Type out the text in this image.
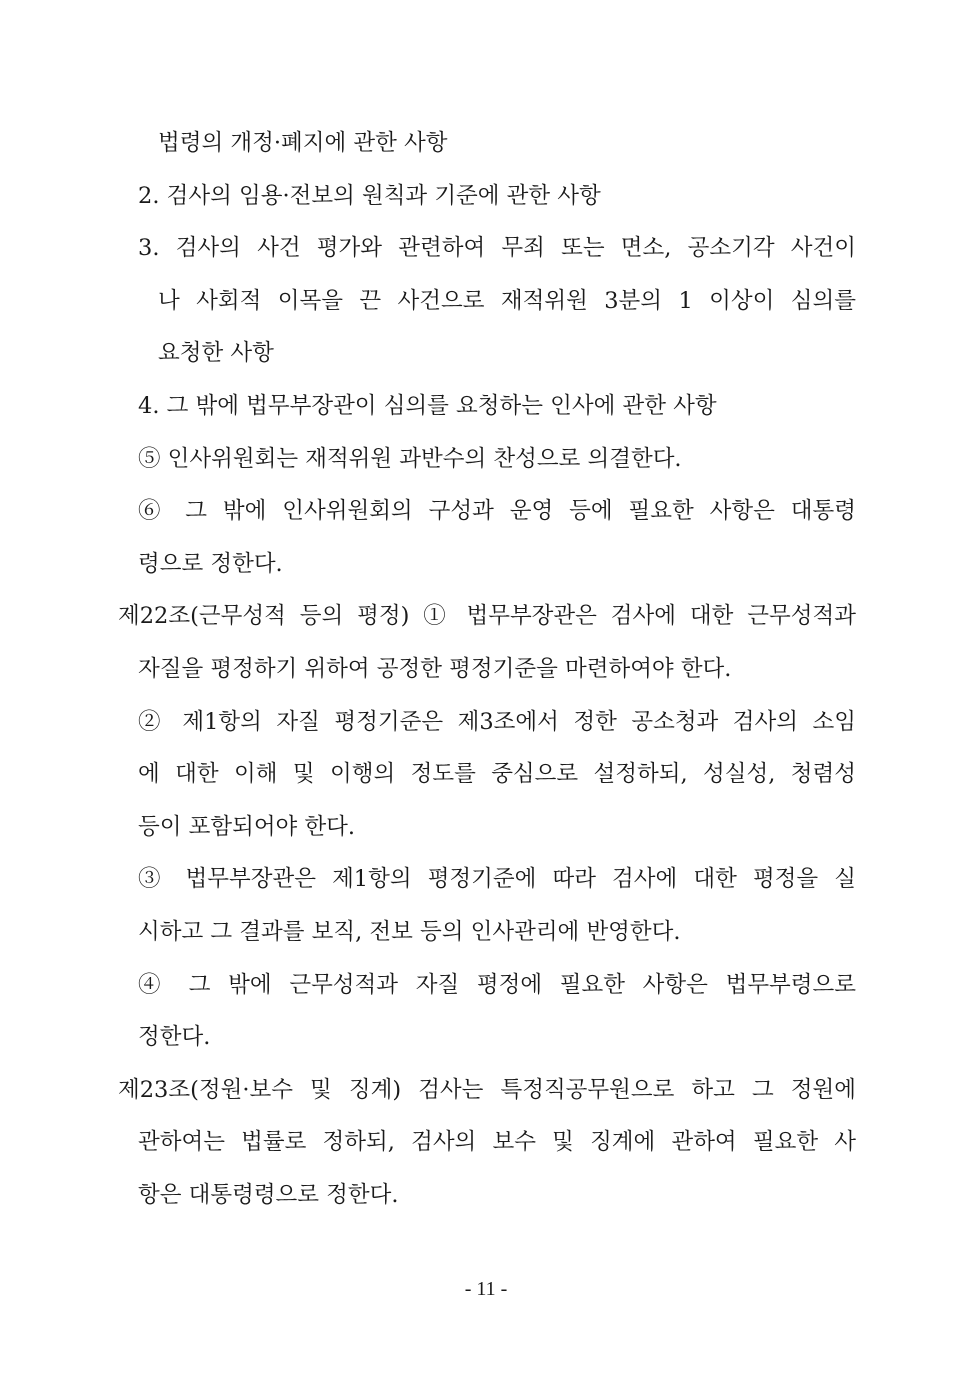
법령의 개정·폐지에 관한 사항
2. 검사의 임용·전보의 원칙과 기준에 관한 사항
3. 검사의 사건 평가와 관련하여 무죄 또는 면소, 공소기각 사건이
나 사회적 이목을 끈 사건으로 재적위원 3분의 1 이상이 심의를
요청한 사항
4. 그 밖에 법무부장관이 심의를 요청하는 인사에 관한 사항
⑤ 인사위원회는 재적위원 과반수의 찬성으로 의결한다.
⑥ 그 밖에 인사위원회의 구성과 운영 등에 필요한 사항은 대통령
령으로 정한다.
제22조(근무성적 등의 평정) ① 법무부장관은 검사에 대한 근무성적과
자질을 평정하기 위하여 공정한 평정기준을 마련하여야 한다.
② 제1항의 자질 평정기준은 제3조에서 정한 공소청과 검사의 소임
에 대한 이해 및 이행의 정도를 중심으로 설정하되, 성실성, 청렴성
등이 포함되어야 한다.
③ 법무부장관은 제1항의 평정기준에 따라 검사에 대한 평정을 실
시하고 그 결과를 보직, 전보 등의 인사관리에 반영한다.
④ 그 밖에 근무성적과 자질 평정에 필요한 사항은 법무부령으로
정한다.
제23조(정원·보수 및 징계) 검사는 특정직공무원으로 하고 그 정원에
관하여는 법률로 정하되, 검사의 보수 및 징계에 관하여 필요한 사
항은 대통령령으로 정한다.
- 11 -
